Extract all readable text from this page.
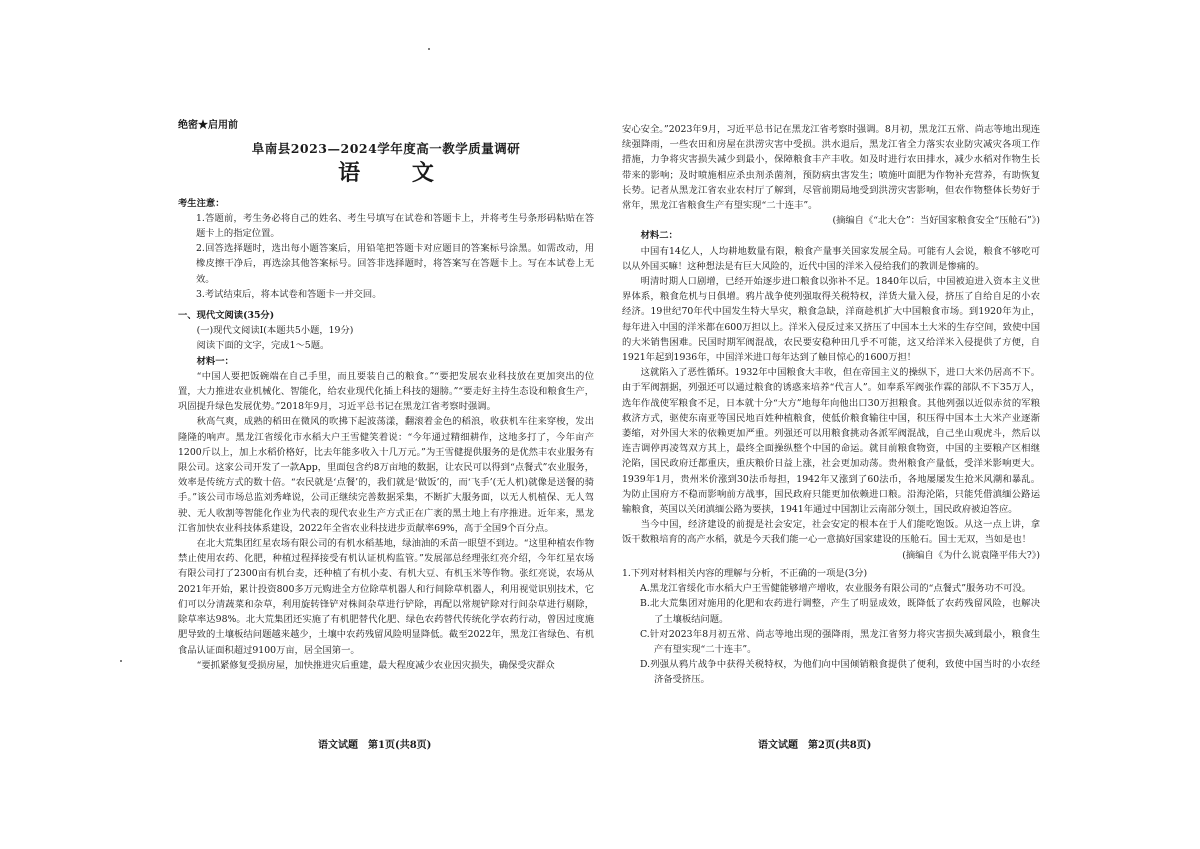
绝密★启用前
阜南县2023—2024学年度高一教学质量调研
语 文
考生注意：

1.答题前，考生务必将自己的姓名、考生号填写在试卷和答题卡上，并将考生号条形码粘贴在答题卡上的指定位置。

2.回答选择题时，选出每小题答案后，用铅笔把答题卡对应题目的答案标号涂黑。如需改动，用橡皮擦干净后，再选涂其他答案标号。回答非选择题时，将答案写在答题卡上。写在本试卷上无效。

3.考试结束后，将本试卷和答题卡一并交回。

一、现代文阅读(35分)

(一)现代文阅读Ⅰ(本题共5小题，19分)

阅读下面的文字，完成1～5题。

材料一：

“中国人要把饭碗端在自己手里，而且要装自己的粮食。”“要把发展农业科技放在更加突出的位置，大力推进农业机械化、智能化，给农业现代化插上科技的翅膀。”“要走好主持生态设和粮食生产，巩固提升绿色发展优势。”2018年9月，习近平总书记在黑龙江省考察时强调。

秋高气爽，成熟的稻田在微风的吹拂下起波荡漾，翻滚着金色的稻浪，收获机车往来穿梭，发出隆隆的响声。黑龙江省绥化市水稻大户王雪健笑着说：“今年通过精细耕作，这地多打了，今年亩产1200斤以上，加上水稻价格好，比去年能多收入十几万元。”为王雪健提供服务的是优然丰农业服务有限公司。这家公司开发了一款App，里面包含约8万亩地的数据，让农民可以得到“点餐式”农业服务，效率是传统方式的数十倍。“农民就是‘点餐’的，我们就是‘做饭’的，而‘飞手’(无人机)就像是送餐的骑手。”该公司市场总监刘秀峰说，公司正继续完善数据采集，不断扩大服务面，以无人机植保、无人驾驶、无人收割等智能化作业为代表的现代农业生产方式正在广袤的黑土地上有序推进。近年来，黑龙江省加快农业科技体系建设，2022年全省农业科技进步贡献率69%，高于全国9个百分点。

在北大荒集团红星农场有限公司的有机水稻基地，绿油油的禾苗一眼望不到边。“这里种植农作物禁止使用农药、化肥，种植过程择接受有机认证机构监管。”发展部总经理张红亮介绍，今年红星农场有限公司打了2300亩有机台麦，还种植了有机小麦、有机大豆、有机玉米等作物。张红亮说，农场从2021年开始，累计投资800多万元购进全方位除草机器人和行间除草机器人，利用视觉识别技术，它们可以分清蔬菜和杂草，利用旋转锋铲对株间杂草进行铲除，再配以常规铲除对行间杂草进行剔除，除草率达98%。北大荒集团还实施了有机肥替代化肥、绿色农药替代传统化学农药行动，曾因过度施肥导致的土壤板结问题越来越少，土壤中农药残留风险明显降低。截至2022年，黑龙江省绿色、有机食品认证面积超过9100万亩，居全国第一。

“要抓紧修复受损房屋，加快推进灾后重建，最大程度减少农业因灾损失，确保受灾群众

安心安全。”2023年9月，习近平总书记在黑龙江省考察时强调。8月初，黑龙江五常、尚志等地出现连续强降雨，一些农田和房屋在洪涝灾害中受损。洪水退后，黑龙江省全力落实农业防灾减灾各项工作措施，力争将灾害损失减少到最小，保障粮食丰产丰收。如及时进行农田排水，减少水稻对作物生长带来的影响；及时喷施相应杀虫剂杀菌剂，预防病虫害发生；喷施叶面肥为作物补充营养，有助恢复长势。记者从黑龙江省农业农村厅了解到，尽管前期局地受到洪涝灾害影响，但农作物整体长势好于常年，黑龙江省粮食生产有望实现“二十连丰”。

(摘编自《“北大仓”：当好国家粮食安全“压舱石”》)

材料二：

中国有14亿人，人均耕地数量有限，粮食产量事关国家发展全局。可能有人会说，粮食不够吃可以从外国买嘛！这种想法是有巨大风险的，近代中国的洋米入侵给我们的教训是惨痛的。

明清时期人口剧增，已经开始逐步进口粮食以弥补不足。1840年以后，中国被迫进入资本主义世界体系，粮食危机与日俱增。鸦片战争使列强取得关税特权，洋货大量入侵，挤压了自给自足的小农经济。19世纪70年代中国发生特大旱灾，粮食急缺，洋商趁机扩大中国粮食市场。到1920年为止，每年进入中国的洋米都在600万担以上。洋米入侵反过来又挤压了中国本土大米的生存空间，致使中国的大米销售困难。民国时期军阀混战，农民要安稳种田几乎不可能，这又给洋米入侵提供了方便，自1921年起到1936年，中国洋米进口每年达到了触目惊心的1600万担！

这就陷入了恶性循环。1932年中国粮食大丰收，但在帝国主义的操纵下，进口大米仍居高不下。由于军阀割据，列强还可以通过粮食的诱惑来培养“代言人”。如奉系军阀张作霖的部队不下35万人，选年作战使军粮食不足，日本就十分“大方”地每年向他出口30万担粮食。其他列强以近似赤贫的军粮救济方式，驱使东南亚等国民地百姓种植粮食，使低价粮食输往中国，积压得中国本土大米产业逐渐萎缩，对外国大米的依赖更加严重。列强还可以用粮食挑动各派军阀混战，自己坐山观虎斗，然后以连吉调停再凌驾双方其上，最终全面操纵整个中国的命运。就目前粮食物资，中国的主要粮产区相继沦陷，国民政府迁都重庆，重庆粮价日益上涨，社会更加动荡。贵州粮食产量低，受洋米影响更大。1939年1月，贵州米价涨到30法币每担，1942年又涨到了60法币，各地屡屡发生抢米风潮和暴乱。为防止国府方不稳而影响前方战事，国民政府只能更加依赖进口粮。沿海沦陷，只能凭借滇缅公路运输粮食，英国以关闭滇缅公路为要挟，1941年通过中国割让云南部分领土，国民政府被迫答应。

当今中国，经济建设的前提是社会安定，社会安定的根本在于人们能吃饱饭。从这一点上讲，拿饭干数粮培育的高产水稻，就是今天我们能一心一意搞好国家建设的压舱石。国士无双，当如是也！

(摘编自《为什么说袁隆平伟大?》)

1.下列对材料相关内容的理解与分析，不正确的一项是(3分)

A.黑龙江省绥化市水稻大户王雪健能够增产增收，农业服务有限公司的“点餐式”服务功不可没。

B.北大荒集团对施用的化肥和农药进行调整，产生了明显成效，既降低了农药残留风险，也解决了土壤板结问题。

C.针对2023年8月初五常、尚志等地出现的强降雨，黑龙江省努力将灾害损失减到最小，粮食生产有望实现“二十连丰”。

D.列强从鸦片战争中获得关税特权，为他们向中国倾销粮食提供了便利，致使中国当时的小农经济备受挤压。

语文试题　第1页(共8页)	语文试题　第2页(共8页)
